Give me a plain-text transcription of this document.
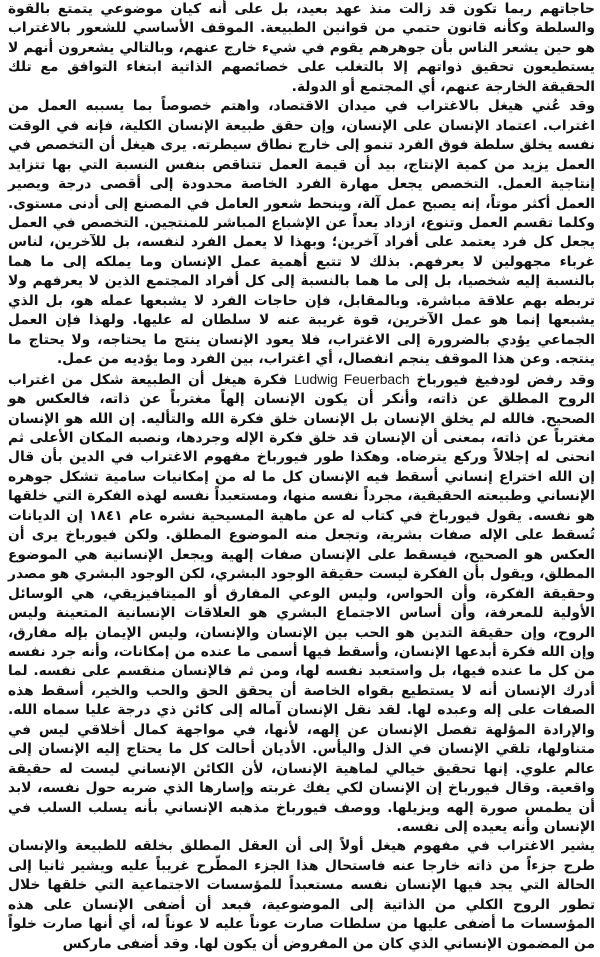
حاجاتهم ربما تكون قد زالت منذ عهد بعيد، بل على أنه كيان موضوعي يتمتع بالقوة والسلطة وكأنه قانون حتمي من قوانين الطبيعة. الموقف الأساسي للشعور بالاغتراب هو حين يشعر الناس بأن جوهرهم يقوم في شيء خارج عنهم، وبالتالي يشعرون أنهم لا يستطيعون تحقيق ذواتهم إلا بالتغلب على خصائصهم الذاتية ابتغاء التوافق مع تلك الحقيقة الخارجة عنهم، أي المجتمع أو الدولة.

وقد عُني هيغل بالاغتراب في ميدان الاقتصاد، واهتم خصوصاً بما يسببه العمل من اغتراب. اعتماد الإنسان على الإنسان، وإن حقق طبيعة الإنسان الكلية، فإنه في الوقت نفسه يخلق سلطة فوق الفرد تنمو إلى خارج نطاق سيطرته. يرى هيغل أن التخصص في العمل يزيد من كمية الإنتاج، بيد أن قيمة العمل تتناقص بنفس النسبة التي بها تتزايد إنتاجية العمل. التخصص يجعل مهارة الفرد الخاصة محدودة إلى أقصى درجة ويصير العمل أكثر موتاً، إنه يصبح عمل آلة، وينحط شعور العامل في المصنع إلى أدنى مستوى. وكلما تقسم العمل وتنوع، ازداد بعداً عن الإشباع المباشر للمنتجين. التخصص في العمل يجعل كل فرد يعتمد على أفراد آخرين؛ وبهذا لا يعمل الفرد لنفسه، بل للآخرين، لناس غرباء مجهولين لا يعرفهم. بذلك لا تتبع أهمية عمل الإنسان وما يملكه إلى ما هما بالنسبة إليه شخصيا، بل إلى ما هما بالنسبة إلى كل أفراد المجتمع الذين لا يعرفهم ولا تربطه بهم علاقة مباشرة. وبالمقابل، فإن حاجات الفرد لا يشبعها عمله هو، بل الذي يشبعها إنما هو عمل الآخرين، قوة غريبة عنه لا سلطان له عليها. ولهذا فإن العمل الجماعي يؤدي بالضرورة إلى الاغتراب، فلا يعود الإنسان ينتج ما يحتاجه، ولا يحتاج ما ينتجه. وعن هذا الموقف ينجم انفصال، أي اغتراب، بين الفرد وما يؤديه من عمل.

وقد رفض لودفيغ فيورباخ Ludwig Feuerbach فكرة هيغل أن الطبيعة شكل من اغتراب الروح المطلق عن ذاته، وأنكر أن يكون الإنسان إلهاً مغترباً عن ذاته، فالعكس هو الصحيح. فالله لم يخلق الإنسان بل الإنسان خلق فكرة الله والتأليه. إن الله هو الإنسان مغترباً عن ذاته، بمعنى أن الإنسان قد خلق فكرة الإله وجردها، ونصبه المكان الأعلى ثم انحنى له إجلالاً وركع يترضاه. وهكذا طور فيورباخ مفهوم الاغتراب في الدين بأن قال إن الله اختراع إنساني أسقط فيه الإنسان كل ما له من إمكانيات سامية تشكل جوهره الإنساني وطبيعته الحقيقية، مجرداً نفسه منها، ومستعبداً نفسه لهذه الفكرة التي خلقها هو نفسه. يقول فيورباخ في كتاب له عن ماهية المسيحية نشره عام ١٨٤١ إن الديانات تُسقط على الإله صفات بشرية، وتجعل منه الموضوع المطلق. ولكن فيورباخ يرى أن العكس هو الصحيح، فيسقط على الإنسان صفات إلهية ويجعل الإنسانية هي الموضوع المطلق، ويقول بأن الفكرة ليست حقيقة الوجود البشري، لكن الوجود البشري هو مصدر وحقيقة الفكرة، وأن الحواس، وليس الوعي المفارق أو الميتافيزيقي، هي الوسائل الأولية للمعرفة، وأن أساس الاجتماع البشري هو العلاقات الإنسانية المتعينة وليس الروح، وإن حقيقة التدين هو الحب بين الإنسان والإنسان، وليس الإيمان بإله مفارق، وإن الله فكرة أبدعها الإنسان، وأسقط فيها أسمى ما عنده من إمكانات، وأنه جرد نفسه من كل ما عنده فيها، بل واستعبد نفسه لها، ومن ثم فالإنسان منقسم على نفسه. لما أدرك الإنسان أنه لا يستطيع بقواه الخاصة أن يحقق الحق والحب والخير، أسقط هذه الصفات على إله وعبده لها. لقد نقل الإنسان آماله إلى كائن ذي درجة عليا سماه الله. والإرادة المؤلهة تفصل الإنسان عن إلهه، لأنها، في مواجهة كمال أخلاقي ليس في متناولها، تلقي الإنسان في الذل واليأس. الأديان أحالت كل ما يحتاج إليه الإنسان إلى عالم علوي. إنها تحقيق خيالي لماهية الإنسان، لأن الكائن الإنساني ليست له حقيقة واقعية. وقال فيورباخ إن الإنسان لكي يفك غربته وإسارها الذي ضربه حول نفسه، لابد أن يطمس صورة إلهه ويزيلها. ووصف فيورباخ مذهبه الإنساني بأنه يسلب السلب في الإنسان وأنه يعيده إلى نفسه.

يشير الاغتراب في مفهوم هيغل أولاً إلى أن العقل المطلق بخلقه للطبيعة والإنسان طرح جزءاً من ذاته خارجا عنه فاستحال هذا الجزء المطّرح غريباً عليه ويشير ثانيا إلى الحالة التي يجد فيها الإنسان نفسه مستعبداً للمؤسسات الاجتماعية التي خلقها خلال تطور الروح الكلي من الذاتية إلى الموضوعية، فبعد أن أضفى الإنسان على هذه المؤسسات ما أضفى عليها من سلطات صارت عوناً عليه لا عوناً له، أي أنها صارت خلواً من المضمون الإنساني الذي كان من المفروض أن يكون لها. وقد أضفى ماركس
